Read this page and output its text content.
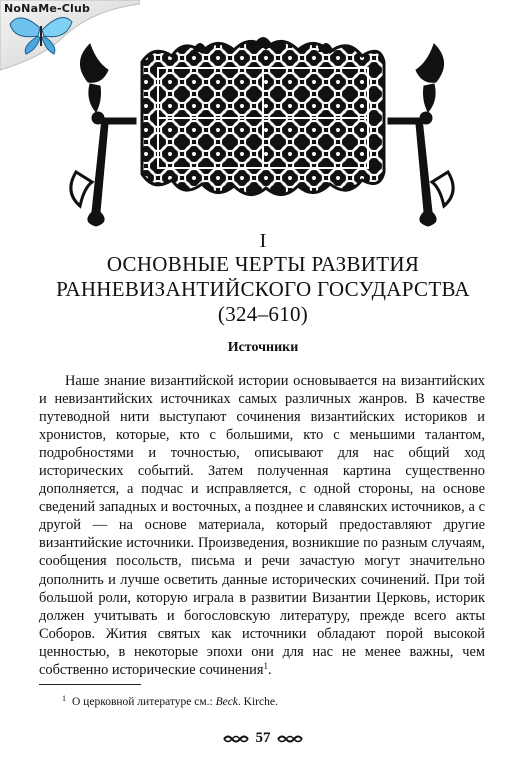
NoNaMe-Club
I
ОСНОВНЫЕ ЧЕРТЫ РАЗВИТИЯ
РАННЕВИЗАНТИЙСКОГО ГОСУДАРСТВА
(324–610)
Источники

Наше знание византийской истории основывается на византийских и невизантийских источниках самых различных жанров. В качестве путеводной нити выступают сочинения византийских историков и хронистов, которые, кто с большими, кто с меньшими талантом, подробностями и точностью, описывают для нас общий ход исторических событий. Затем полученная картина существенно дополняется, а подчас и исправляется, с одной стороны, на основе сведений западных и восточных, а позднее и славянских источников, а с другой — на основе материала, который предоставляют другие византийские источники. Произведения, возникшие по разным случаям, сообщения посольств, письма и речи зачастую могут значительно дополнить и лучше осветить данные исторических сочинений. При той большой роли, которую играла в развитии Византии Церковь, историк должен учитывать и богословскую литературу, прежде всего акты Соборов. Жития святых как источники обладают порой высокой ценностью, в некоторые эпохи они для нас не менее важны, чем собственно исторические сочинения$^1$.

$^1$ О церковной литературе см.: Beck. Kirche.
57
